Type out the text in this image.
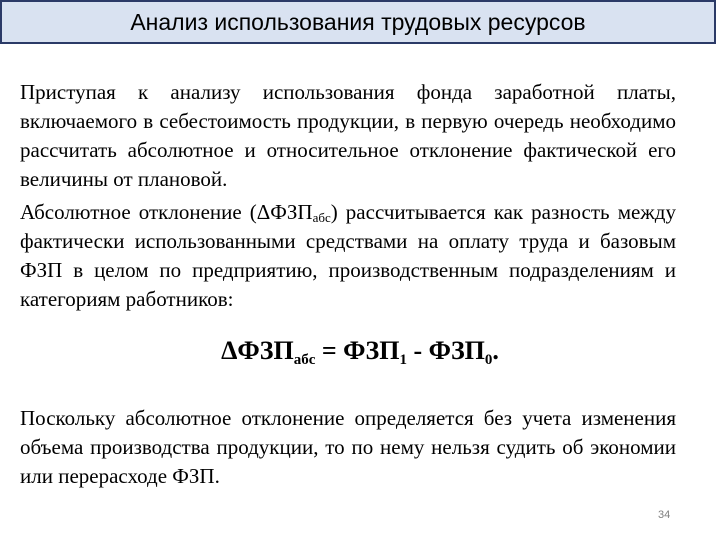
Анализ использования трудовых ресурсов

Приступая к анализу использования фонда заработной платы, включаемого в себестоимость продукции, в первую очередь необходимо рассчитать абсолютное и относительное отклонение фактической его величины от плановой.

Абсолютное отклонение $(\Delta ФЗП_{абс})$ рассчитывается как разность между фактически использованными средствами на оплату труда и базовым ФЗП в целом по предприятию, производственным подразделениям и категориям работников:

$\Delta ФЗП_{абс} = ФЗП_1 - ФЗП_0$.

Поскольку абсолютное отклонение определяется без учета изменения объема производства продукции, то по нему нельзя судить об экономии или перерасходе ФЗП.

34
